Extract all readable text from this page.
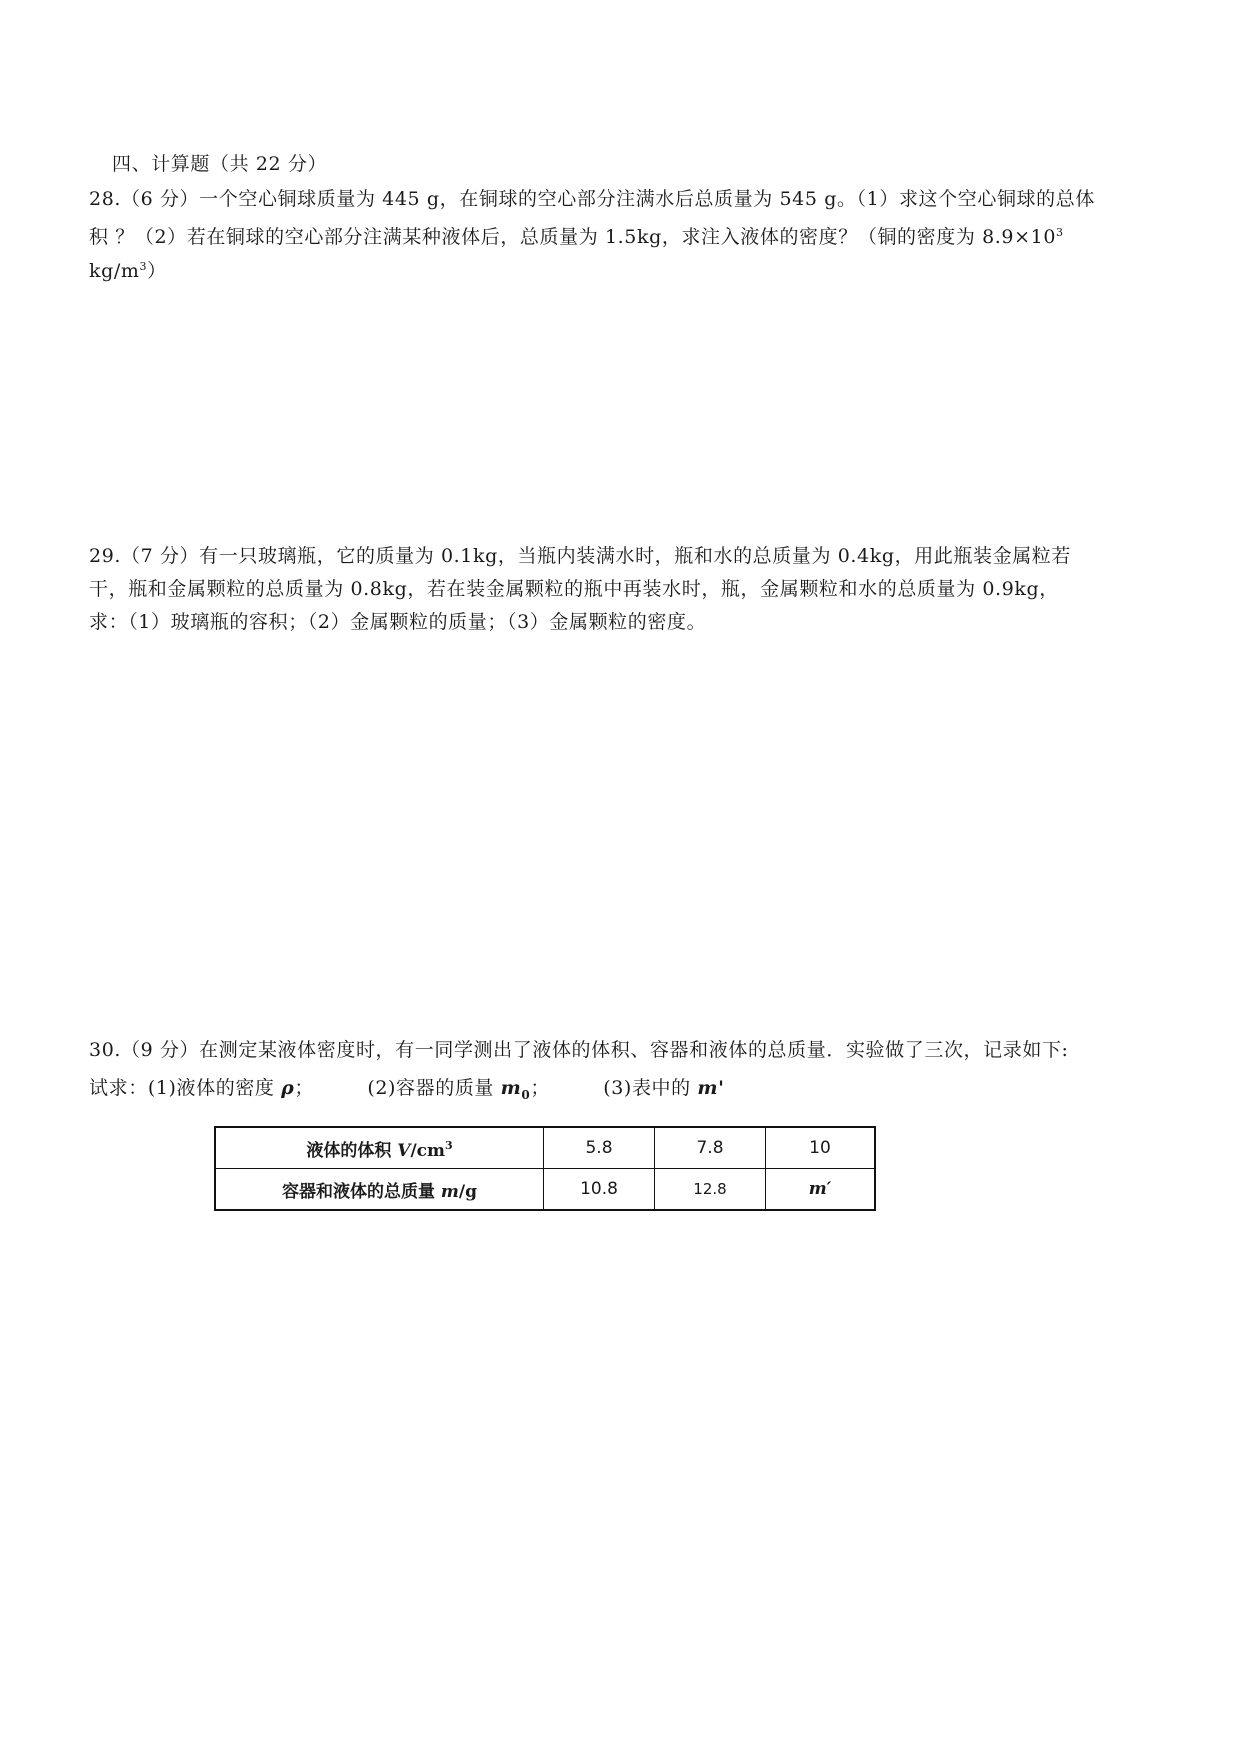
四、计算题（共 22 分）
28.（6 分）一个空心铜球质量为 445 g，在铜球的空心部分注满水后总质量为 545 g。（1）求这个空心铜球的总体
积 ？（2）若在铜球的空心部分注满某种液体后，总质量为 1.5kg，求注入液体的密度？（铜的密度为 $8.9\times 10^3$
$kg/m^3$）
29.（7 分）有一只玻璃瓶，它的质量为 0.1kg，当瓶内装满水时，瓶和水的总质量为 0.4kg，用此瓶装金属粒若
干，瓶和金属颗粒的总质量为 0.8kg，若在装金属颗粒的瓶中再装水时，瓶，金属颗粒和水的总质量为 0.9kg，
求：（1）玻璃瓶的容积；（2）金属颗粒的质量；（3）金属颗粒的密度。
30.（9 分）在测定某液体密度时，有一同学测出了液体的体积、容器和液体的总质量．实验做了三次，记录如下:
试求：(1)液体的密度 ρ；	(2)容器的质量 $m_0$；	(3)表中的 m'
液体的体积 $V/cm^3$	5.8	7.8	10
容器和液体的总质量 m/g	10.8	12.8	m′
